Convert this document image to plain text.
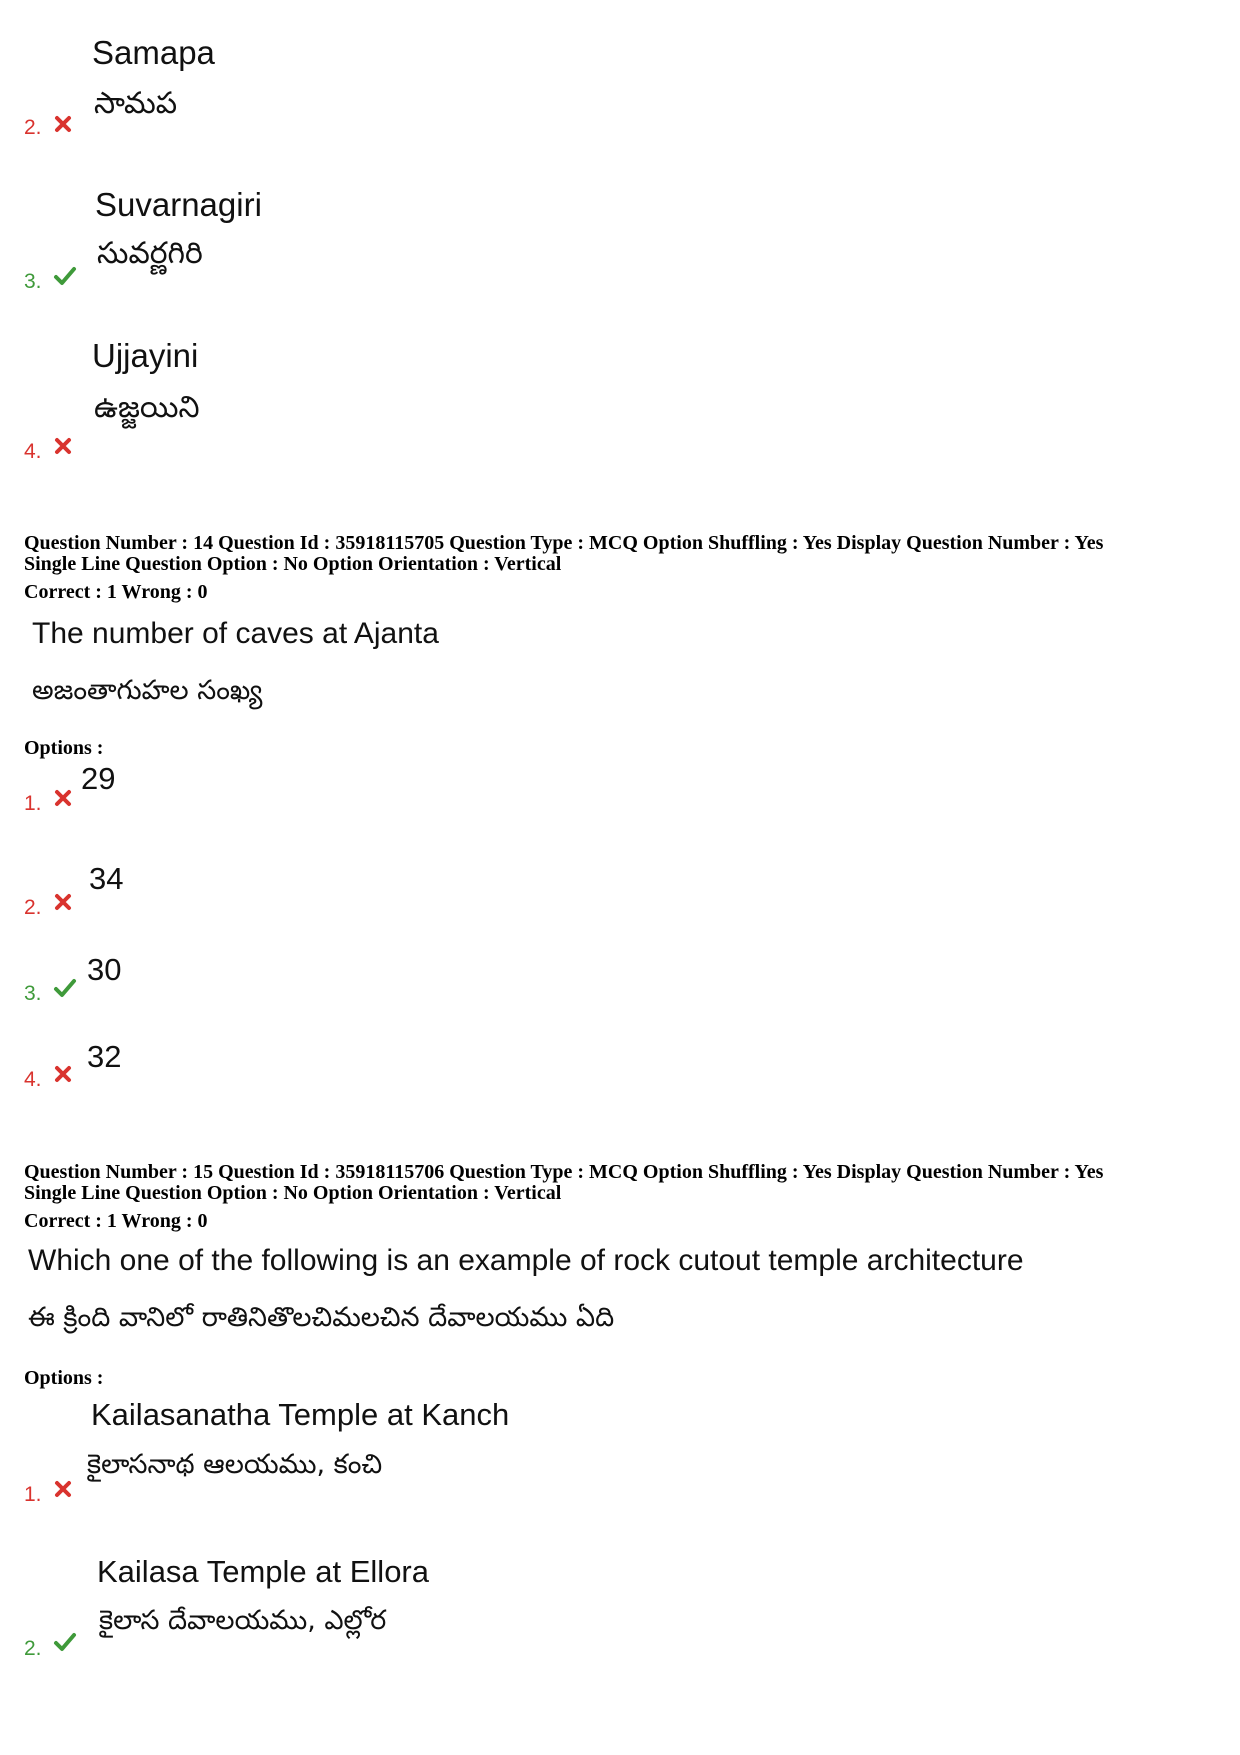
Samapa
సామప
2.
Suvarnagiri
సువర్ణగిరి
3.
Ujjayini
ఉజ్జయిని
4.
Question Number : 14 Question Id : 35918115705 Question Type : MCQ Option Shuffling : Yes Display Question Number : Yes
Single Line Question Option : No Option Orientation : Vertical
Correct : 1 Wrong : 0
The number of caves at Ajanta
అజంతాగుహల సంఖ్య
Options :
29
1.
34
2.
30
3.
32
4.
Question Number : 15 Question Id : 35918115706 Question Type : MCQ Option Shuffling : Yes Display Question Number : Yes
Single Line Question Option : No Option Orientation : Vertical
Correct : 1 Wrong : 0
Which one of the following is an example of rock cutout temple architecture
ఈ క్రింది వానిలో రాతినితొలచిమలచిన దేవాలయము ఏది
Options :
Kailasanatha Temple at Kanch
కైలాసనాథ ఆలయము, కంచి
1.
Kailasa Temple at Ellora
కైలాస దేవాలయము, ఎల్లోర
2.
